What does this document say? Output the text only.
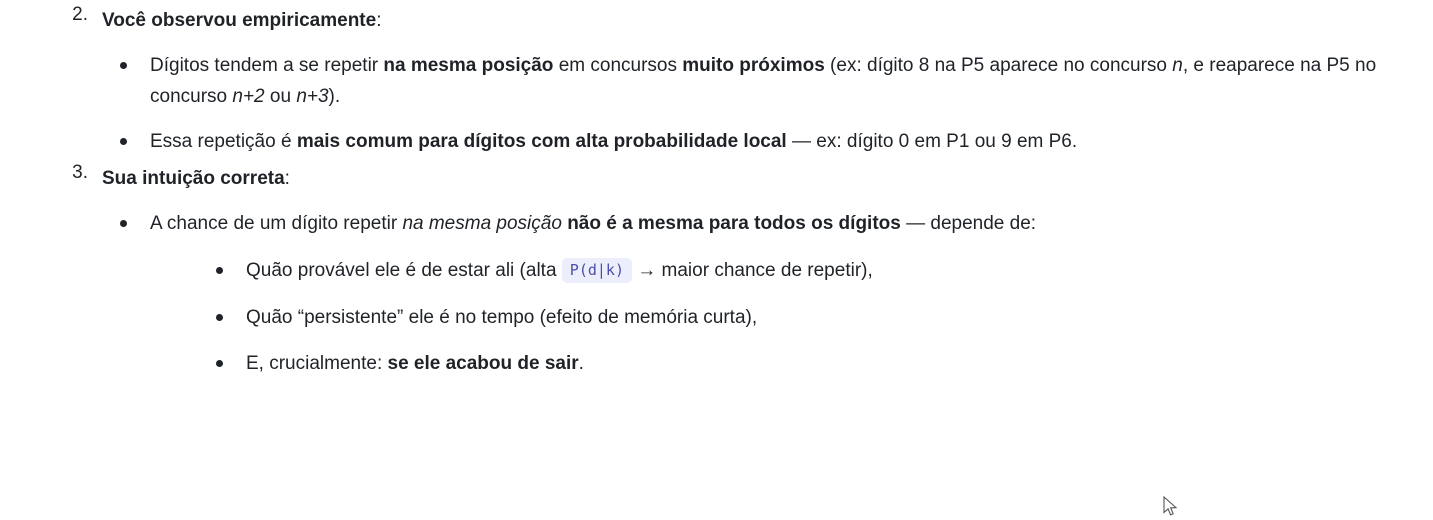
2. Você observou empiricamente:
Dígitos tendem a se repetir na mesma posição em concursos muito próximos (ex: dígito 8 na P5 aparece no concurso n, e reaparece na P5 no concurso n+2 ou n+3).
Essa repetição é mais comum para dígitos com alta probabilidade local — ex: dígito 0 em P1 ou 9 em P6.
3. Sua intuição correta:
A chance de um dígito repetir na mesma posição não é a mesma para todos os dígitos — depende de:
Quão provável ele é de estar ali (alta P(d|k) → maior chance de repetir),
Quão “persistente” ele é no tempo (efeito de memória curta),
E, crucialmente: se ele acabou de sair.
